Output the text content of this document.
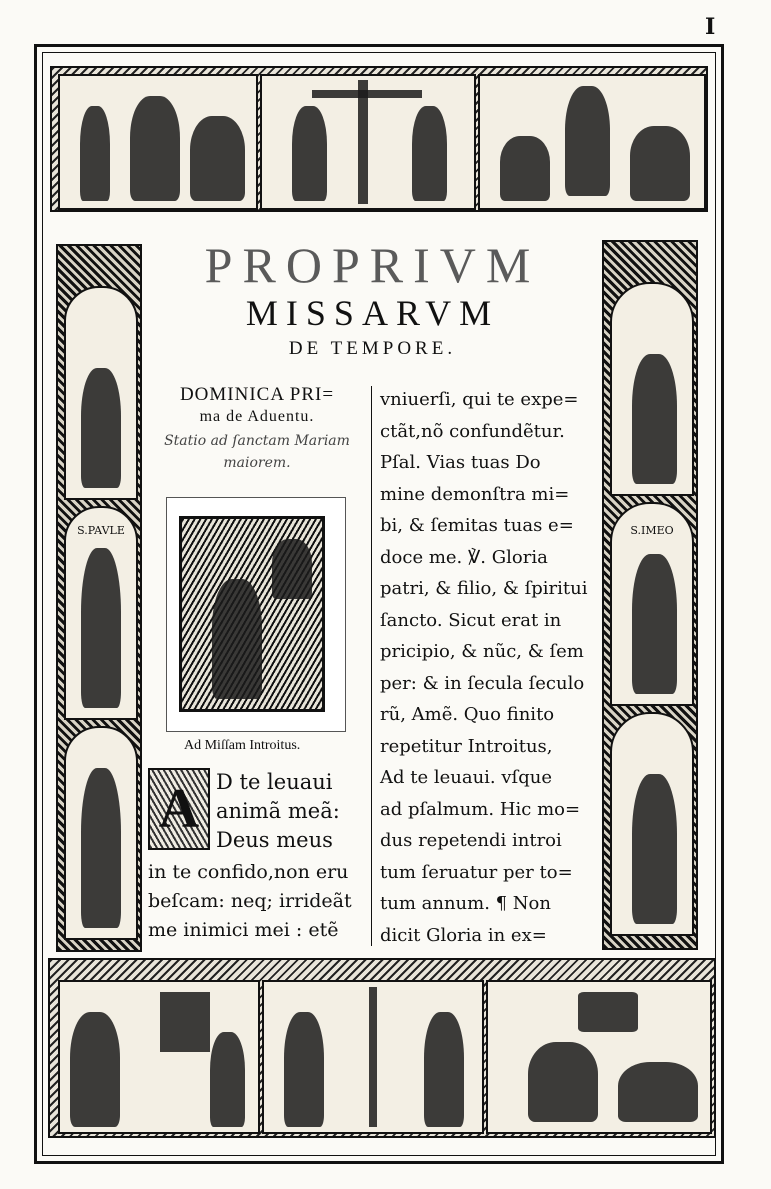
I
S.PAVLE	S.IMEO
PROPRIVM
MISSARVM
DE TEMPORE.
DOMINICA PRI=
ma de Aduentu.
Statio ad ſanctam Mariam
maiorem.
Ad Miſſam Introitus.
A D te leuaui
animã meã:
Deus meus
in te confido,non eru
beſcam: neq; irrideãt
me inimici mei : etẽ
vniuerſi, qui te expe=
ctãt,nõ confundẽtur.
Pſal. Vias tuas Do
mine demonſtra mi=
bi, & ſemitas tuas e=
doce me. ℣. Gloria
patri, & filio, & ſpiritui
ſancto. Sicut erat in
pricipio, & nũc, & ſem
per: & in ſecula ſeculo
rũ, Amẽ. Quo finito
repetitur Introitus,
Ad te leuaui. vſque
ad pſalmum. Hic mo=
dus repetendi introi
tum ſeruatur per to=
tum annum. ¶ Non
dicit Gloria in ex=
